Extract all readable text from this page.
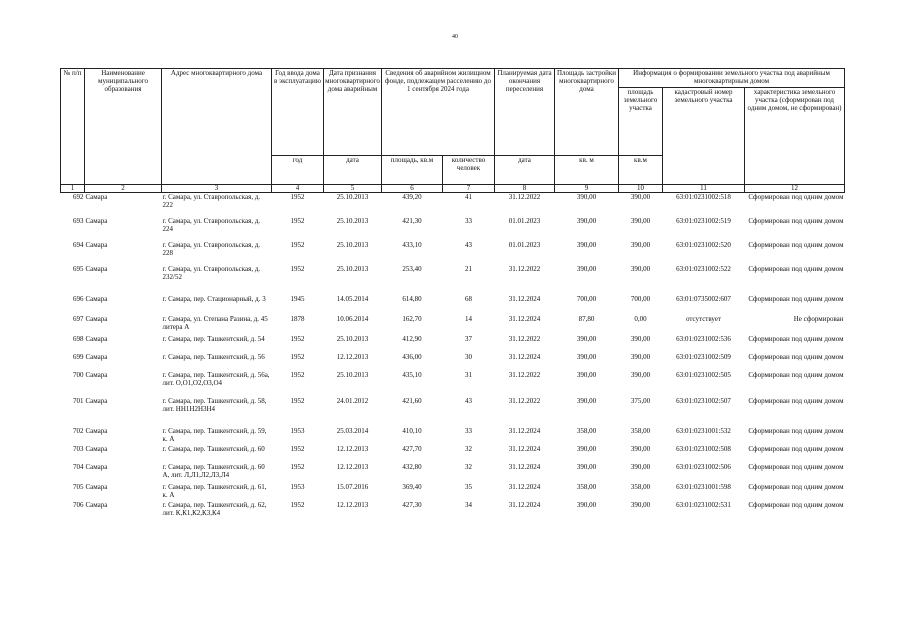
40
№ п/п	Наименование муниципального образования	Адрес многоквартирного дома	Год ввода дома в эксплуатацию	Дата признания многоквартирного дома аварийным	Сведения об аварийном жилищном фонде, подлежащем расселению до 1 сентября 2024 года		Планируемая дата окончания переселения	Площадь застройки многоквартирного дома	Информация о формировании земельного участка под аварийным многоквартирным домом		
									площадь земельного участка	кадастровый номер земельного участка	характеристика земельного участка (сформирован под одним домом, не сформирован)
			год	дата	площадь, кв.м	количество человек	дата	кв. м	кв.м		
1	2	3	4	5	6	7	8	9	10	11	12
692	Самара	г. Самара, ул. Ставропольская, д. 222	1952	25.10.2013	439,20	41	31.12.2022	390,00	390,00	63:01:0231002:518	Сформирован под одним домом
693	Самара	г. Самара, ул. Ставропольская, д. 224	1952	25.10.2013	421,30	33	01.01.2023	390,00	390,00	63:01:0231002:519	Сформирован под одним домом
694	Самара	г. Самара, ул. Ставропольская, д. 228	1952	25.10.2013	433,10	43	01.01.2023	390,00	390,00	63:01:0231002:520	Сформирован под одним домом
695	Самара	г. Самара, ул. Ставропольская, д. 232/52	1952	25.10.2013	253,40	21	31.12.2022	390,00	390,00	63:01:0231002:522	Сформирован под одним домом
696	Самара	г. Самара, пер. Стационарный, д. 3	1945	14.05.2014	614,80	68	31.12.2024	700,00	700,00	63:01:0735002:607	Сформирован под одним домом
697	Самара	г. Самара, ул. Степана Разина, д. 45 литера А	1878	10.06.2014	162,70	14	31.12.2024	87,80	0,00	отсутствует	Не сформирован
698	Самара	г. Самара, пер. Ташкентский, д. 54	1952	25.10.2013	412,90	37	31.12.2022	390,00	390,00	63:01:0231002:536	Сформирован под одним домом
699	Самара	г. Самара, пер. Ташкентский, д. 56	1952	12.12.2013	436,00	30	31.12.2024	390,00	390,00	63:01:0231002:509	Сформирован под одним домом
700	Самара	г. Самара, пер. Ташкентский, д. 56а, лит. О,О1,О2,О3,О4	1952	25.10.2013	435,10	31	31.12.2022	390,00	390,00	63:01:0231002:505	Сформирован под одним домом
701	Самара	г. Самара, пер. Ташкентский, д. 58, лит. НН1Н2Н3Н4	1952	24.01.2012	421,60	43	31.12.2022	390,00	375,00	63:01:0231002:507	Сформирован под одним домом
702	Самара	г. Самара, пер. Ташкентский, д. 59, к. А	1953	25.03.2014	410,10	33	31.12.2024	358,00	358,00	63:01:0231001:532	Сформирован под одним домом
703	Самара	г. Самара, пер. Ташкентский, д. 60	1952	12.12.2013	427,70	32	31.12.2024	390,00	390,00	63:01:0231002:508	Сформирован под одним домом
704	Самара	г. Самара, пер. Ташкентский, д. 60 А, лит. Л,Л1,Л2,Л3,Л4	1952	12.12.2013	432,80	32	31.12.2024	390,00	390,00	63:01:0231002:506	Сформирован под одним домом
705	Самара	г. Самара, пер. Ташкентский, д. 61, к. А	1953	15.07.2016	369,40	35	31.12.2024	358,00	358,00	63:01:0231001:598	Сформирован под одним домом
706	Самара	г. Самара, пер. Ташкентский, д. 62, лит. К,К1,К2,К3,К4	1952	12.12.2013	427,30	34	31.12.2024	390,00	390,00	63:01:0231002:531	Сформирован под одним домом
